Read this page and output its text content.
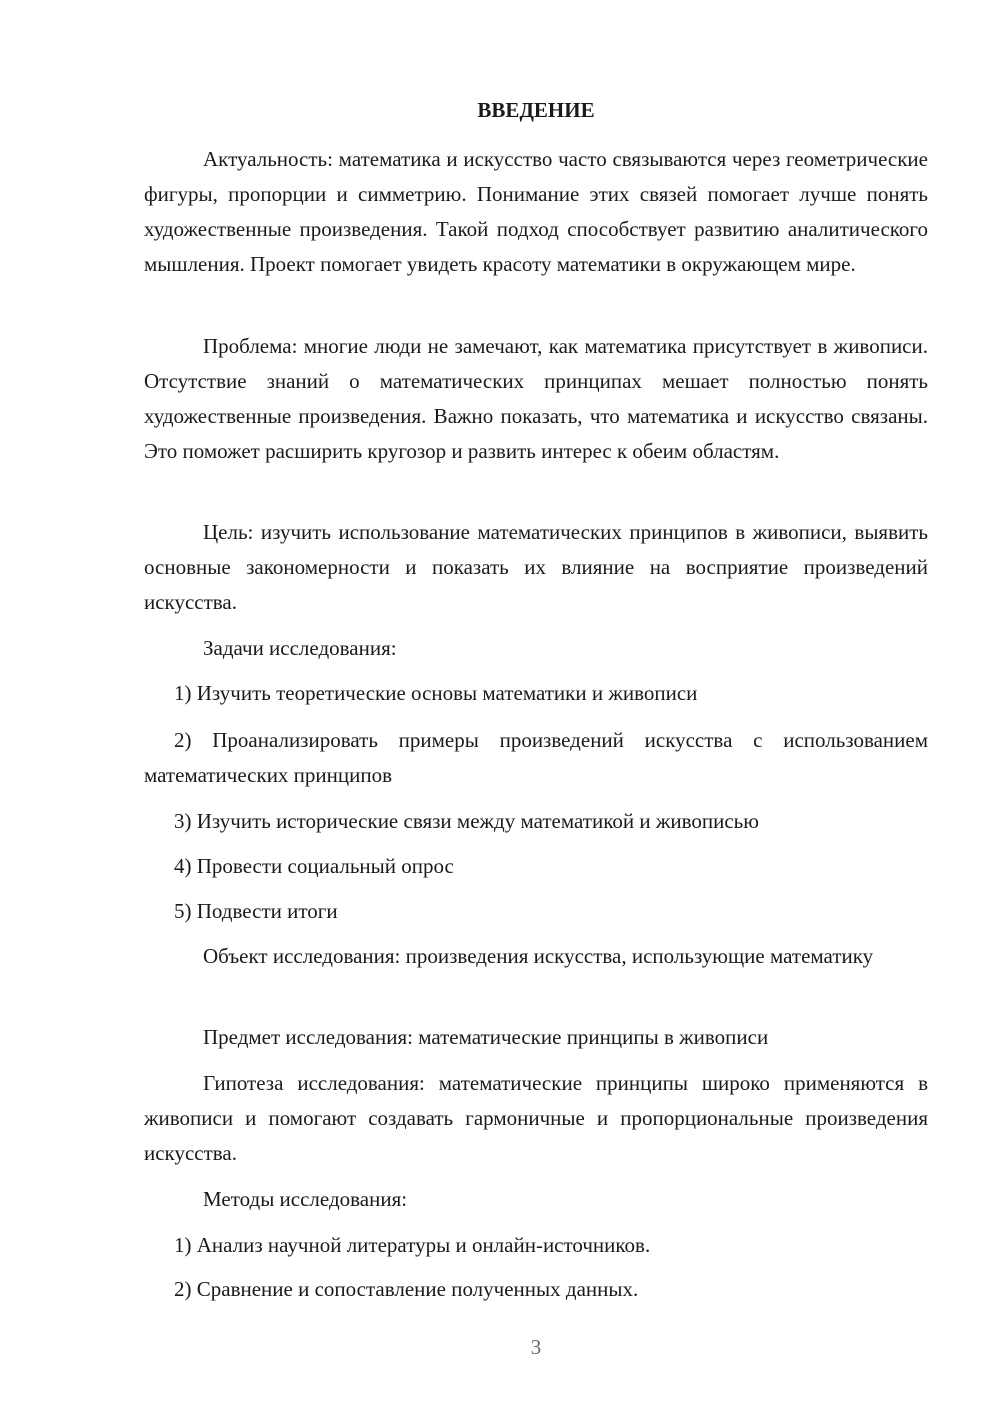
ВВЕДЕНИЕ

Актуальность: математика и искусство часто связываются через геометрические фигуры, пропорции и симметрию. Понимание этих связей помогает лучше понять художественные произведения. Такой подход способствует развитию аналитического мышления. Проект помогает увидеть красоту математики в окружающем мире.

Проблема: многие люди не замечают, как математика присутствует в живописи. Отсутствие знаний о математических принципах мешает полностью понять художественные произведения. Важно показать, что математика и искусство связаны. Это поможет расширить кругозор и развить интерес к обеим областям.

Цель: изучить использование математических принципов в живописи, выявить основные закономерности и показать их влияние на восприятие произведений искусства.

Задачи исследования:

1) Изучить теоретические основы математики и живописи

2) Проанализировать примеры произведений искусства с использованием математических принципов

3) Изучить исторические связи между математикой и живописью

4) Провести социальный опрос

5) Подвести итоги

Объект исследования: произведения искусства, использующие математику

Предмет исследования: математические принципы в живописи

Гипотеза исследования: математические принципы широко применяются в живописи и помогают создавать гармоничные и пропорциональные произведения искусства.

Методы исследования:

1) Анализ научной литературы и онлайн-источников.

2) Сравнение и сопоставление полученных данных.

3
